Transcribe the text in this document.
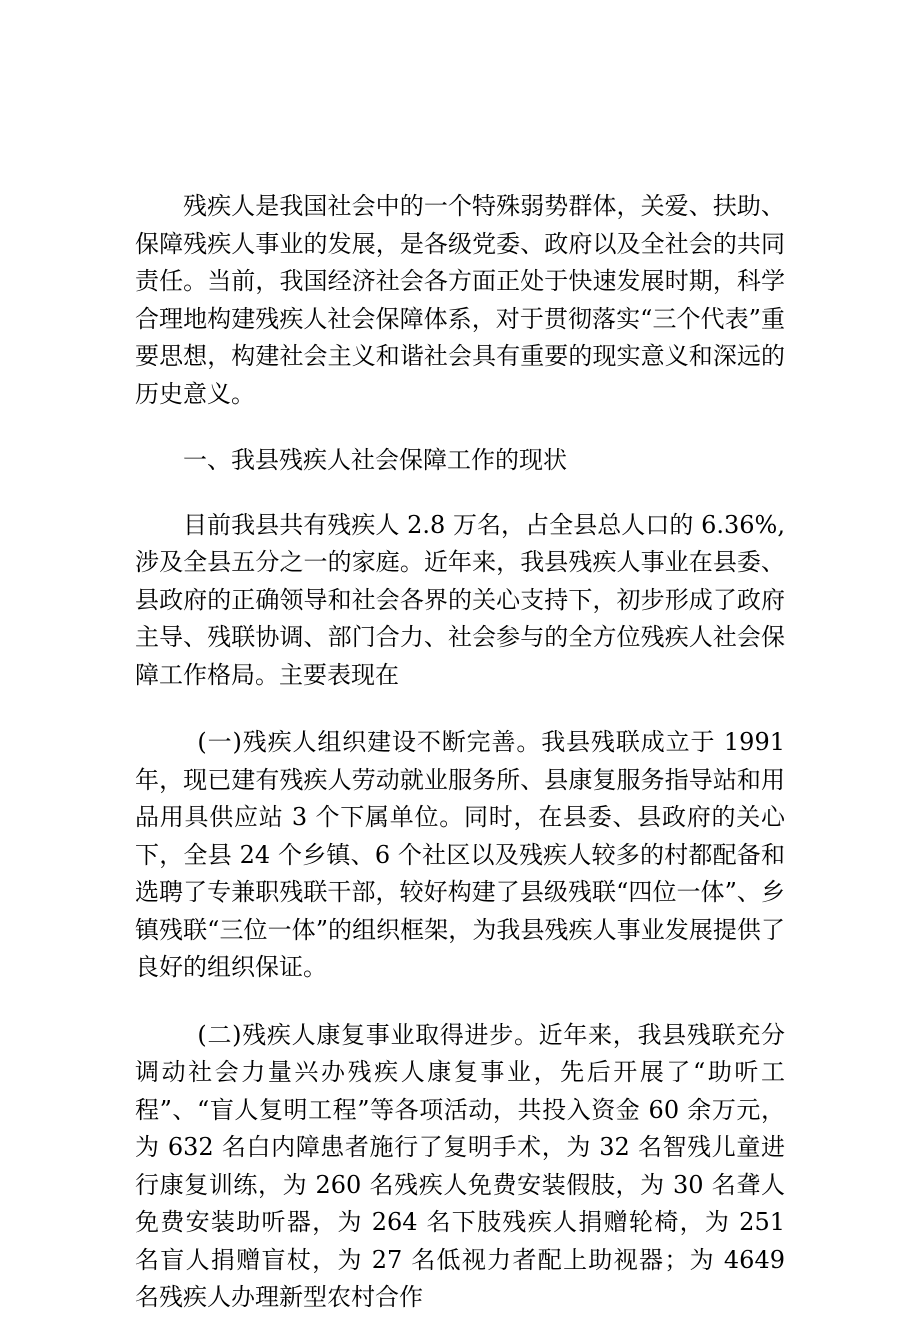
残疾人是我国社会中的一个特殊弱势群体，关爱、扶助、保障残疾人事业的发展，是各级党委、政府以及全社会的共同责任。当前，我国经济社会各方面正处于快速发展时期，科学合理地构建残疾人社会保障体系，对于贯彻落实“三个代表”重要思想，构建社会主义和谐社会具有重要的现实意义和深远的历史意义。

一、我县残疾人社会保障工作的现状

目前我县共有残疾人 2.8 万名，占全县总人口的 6.36%,涉及全县五分之一的家庭。近年来，我县残疾人事业在县委、县政府的正确领导和社会各界的关心支持下，初步形成了政府主导、残联协调、部门合力、社会参与的全方位残疾人社会保障工作格局。主要表现在

(一)残疾人组织建设不断完善。我县残联成立于 1991 年，现已建有残疾人劳动就业服务所、县康复服务指导站和用品用具供应站 3 个下属单位。同时，在县委、县政府的关心下，全县 24 个乡镇、6 个社区以及残疾人较多的村都配备和选聘了专兼职残联干部，较好构建了县级残联“四位一体”、乡镇残联“三位一体”的组织框架，为我县残疾人事业发展提供了良好的组织保证。

(二)残疾人康复事业取得进步。近年来，我县残联充分调动社会力量兴办残疾人康复事业，先后开展了“助听工程”、“盲人复明工程”等各项活动，共投入资金 60 余万元，为 632 名白内障患者施行了复明手术，为 32 名智残儿童进行康复训练，为 260 名残疾人免费安装假肢，为 30 名聋人免费安装助听器，为 264 名下肢残疾人捐赠轮椅，为 251 名盲人捐赠盲杖，为 27 名低视力者配上助视器；为 4649 名残疾人办理新型农村合作
